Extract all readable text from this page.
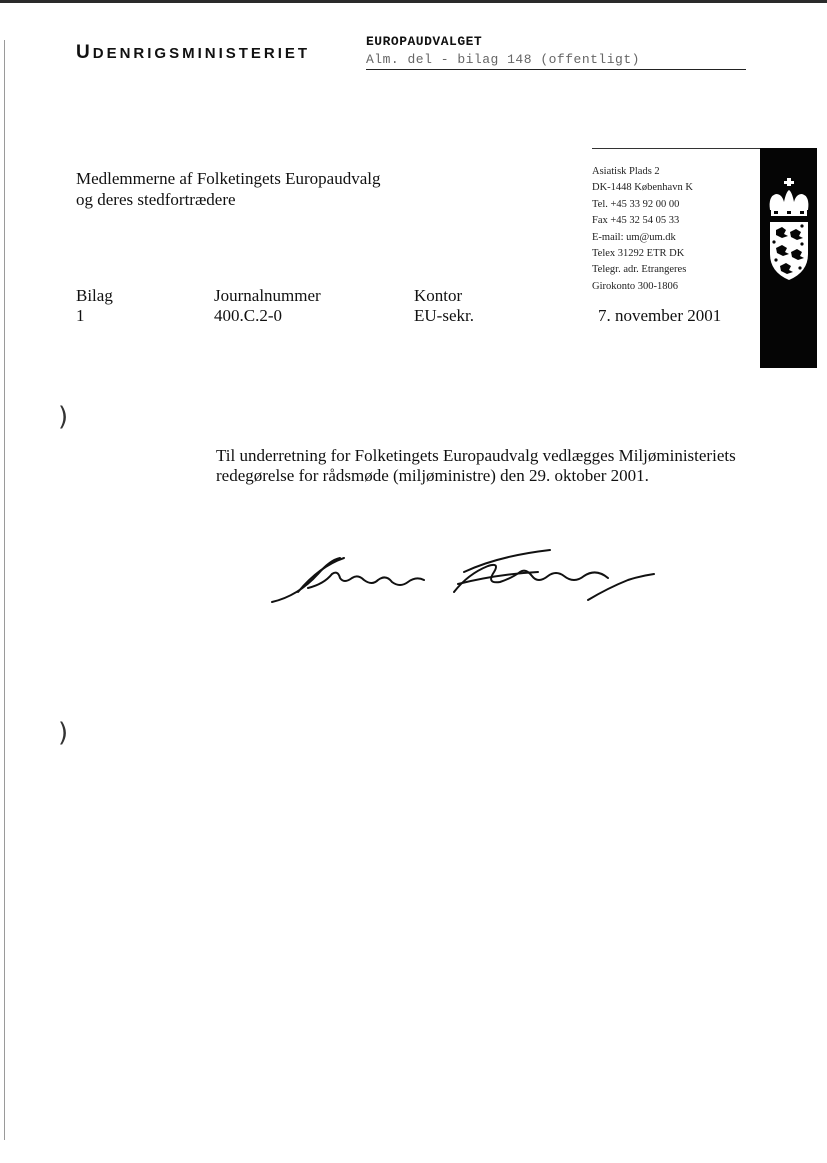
UDENRIGSMINISTERIET
EUROPAUDVALGET
Alm. del - bilag 148 (offentligt)
Medlemmerne af Folketingets Europaudvalg
og deres stedfortrædere
Asiatisk Plads 2
DK-1448 København K
Tel. +45 33 92 00 00
Fax +45 32 54 05 33
E-mail: um@um.dk
Telex 31292 ETR DK
Telegr. adr. Etrangeres
Girokonto 300-1806
Bilag
1
Journalnummer
400.C.2-0
Kontor
EU-sekr.	7. november 2001
)
)
Til underretning for Folketingets Europaudvalg vedlægges Miljøministeriets
redegørelse for rådsmøde (miljøministre) den 29. oktober 2001.
